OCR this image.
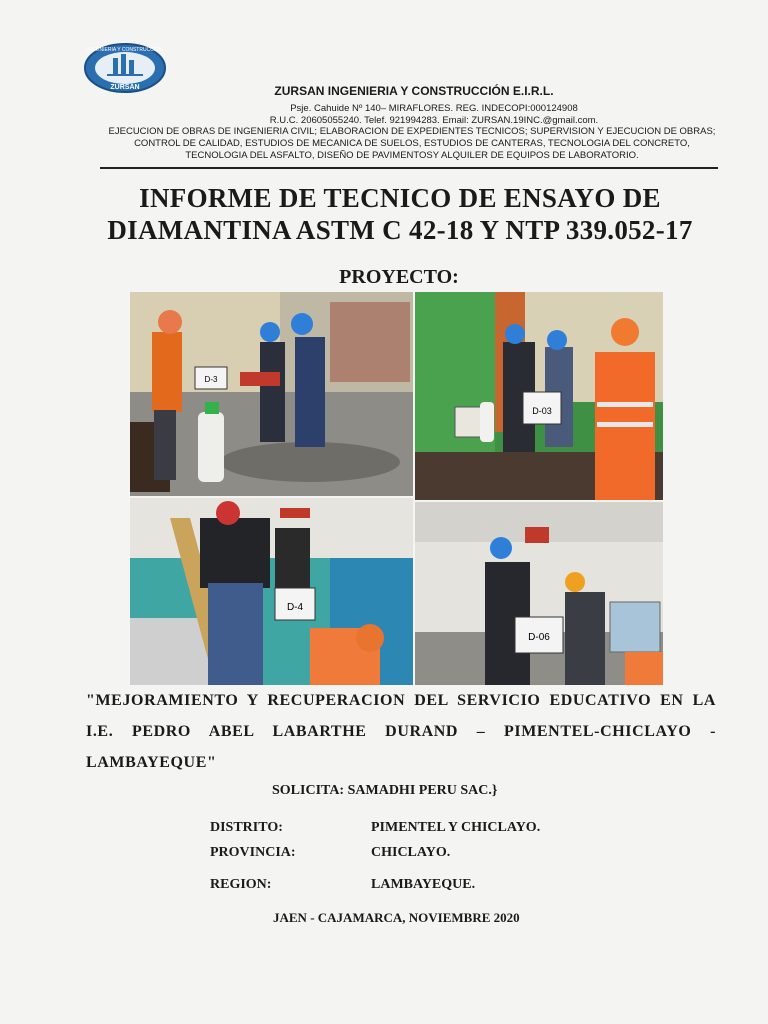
INGENIERIA Y CONSTRUCCION
ZURSAN	ZURSAN INGENIERIA Y CONSTRUCCIÓN E.I.R.L.
Psje. Cahuide Nº 140– MIRAFLORES. REG. INDECOPI:000124908
R.U.C. 20605055240. Telef. 921994283. Email: ZURSAN.19INC.@gmail.com.
EJECUCION DE OBRAS DE INGENIERIA CIVIL; ELABORACION DE EXPEDIENTES TECNICOS; SUPERVISION Y EJECUCION DE OBRAS; CONTROL DE CALIDAD, ESTUDIOS DE MECANICA DE SUELOS, ESTUDIOS DE CANTERAS, TECNOLOGIA DEL CONCRETO, TECNOLOGIA DEL ASFALTO, DISEÑO DE PAVIMENTOSY ALQUILER DE EQUIPOS DE LABORATORIO.
INFORME DE TECNICO DE ENSAYO DE
DIAMANTINA ASTM C 42-18 Y NTP 339.052-17
PROYECTO:
D-3
D-03
D-4
D-06
"MEJORAMIENTO Y RECUPERACION DEL SERVICIO EDUCATIVO EN LA I.E. PEDRO ABEL LABARTHE DURAND – PIMENTEL-CHICLAYO - LAMBAYEQUE"
SOLICITA: SAMADHI PERU SAC.}
DISTRITO:	PIMENTEL Y CHICLAYO.
PROVINCIA:	CHICLAYO.
REGION:	LAMBAYEQUE.
JAEN - CAJAMARCA, NOVIEMBRE 2020
